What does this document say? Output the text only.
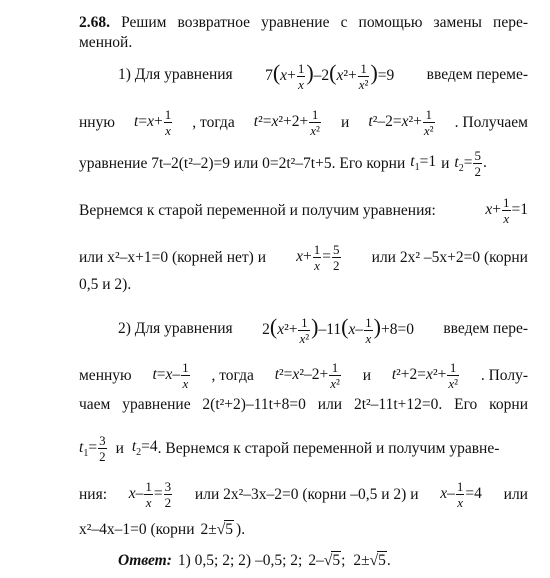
2.68. Решим возвратное уравнение с помощью замены пере-
менной.
1) Для уравнения $7(x+ \frac{1}{x} )-2(x^2+ \frac{1}{\text{x²}} )=9$ введем переме-
нную $t=x+ \frac{1}{x}$ , тогда $t^2=x^2+2+ \frac{1}{\text{x²}}$ и $t^2-2=x^2+ \frac{1}{\text{x²}}$ . Получаем
уравнение 7t–2(t²–2)=9 или 0=2t²–7t+5. Его корни $t_1=1$ и $t_2= \frac{5}{2}$ .
Вернемся к старой переменной и получим уравнения:	$x+ \frac{1}{x} =1$
или x²–x+1=0 (корней нет) и $x+ \frac{1}{x} = \frac{5}{2}$ или 2x² –5x+2=0 (корни
0,5 и 2).
2) Для уравнения $2(x^2+ \frac{1}{\text{x²}} )-11(x- \frac{1}{x} )+8=0$ введем пере-
менную $t=x- \frac{1}{x}$ , тогда $t^2=x^2-2+ \frac{1}{\text{x²}}$ и $t^2+2=x^2+ \frac{1}{\text{x²}}$ . Полу-
чаем уравнение 2(t²+2)–11t+8=0 или 2t²–11t+12=0. Его корни
$t_1= \frac{3}{2}$ и $t_2=4$ . Вернемся к старой переменной и получим уравне-
ния: $x- \frac{1}{x} = \frac{3}{2}$ или 2x²–3x–2=0 (корни –0,5 и 2) и $x- \frac{1}{x} =4$ или
x²–4x–1=0 (корни 2±√5 ).
Ответ: 1) 0,5; 2; 2) –0,5; 2; 2–√5; 2±√5.
